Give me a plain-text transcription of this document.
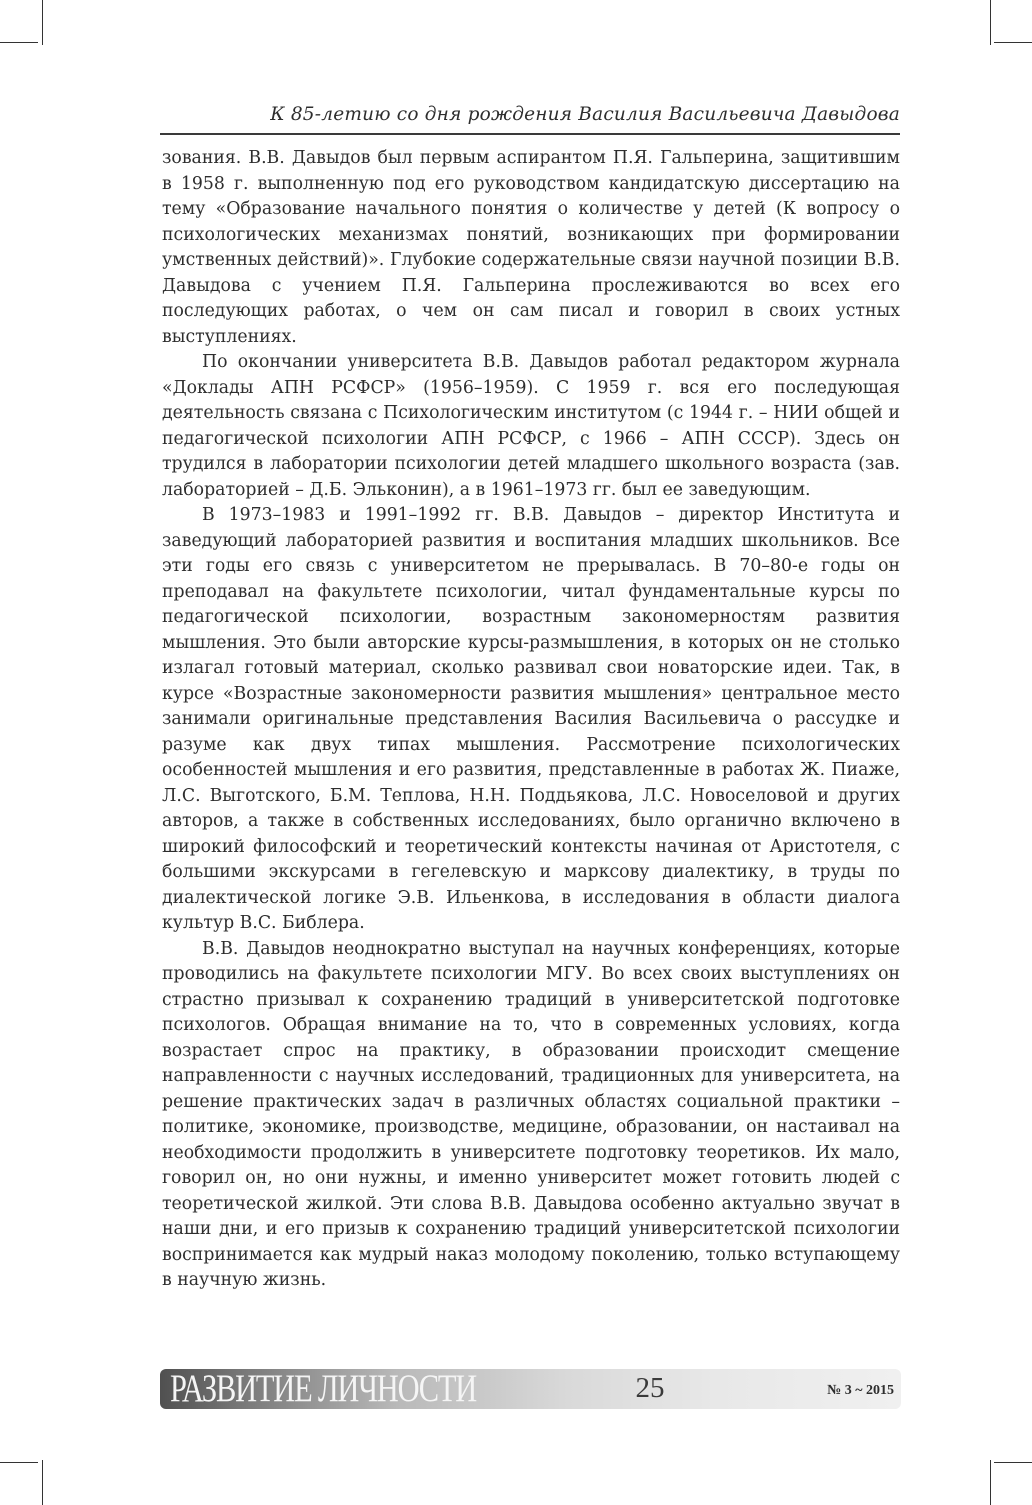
К 85-летию со дня рождения Василия Васильевича Давыдова

зования. В.В. Давыдов был первым аспирантом П.Я. Гальперина, защитившим в 1958 г. выполненную под его руководством кандидатскую диссертацию на тему «Образование начального понятия о количестве у детей (К вопросу о психологических механизмах понятий, возникающих при формировании умственных действий)». Глубокие содержательные связи научной позиции В.В. Давыдова с учением П.Я. Гальперина прослеживаются во всех его последующих работах, о чем он сам писал и говорил в своих устных выступлениях.

По окончании университета В.В. Давыдов работал редактором журнала «Доклады АПН РСФСР» (1956–1959). С 1959 г. вся его последующая деятельность связана с Психологическим институтом (с 1944 г. – НИИ общей и педагогической психологии АПН РСФСР, с 1966 – АПН СССР). Здесь он трудился в лаборатории психологии детей младшего школьного возраста (зав. лабораторией – Д.Б. Эльконин), а в 1961–1973 гг. был ее заведующим.

В 1973–1983 и 1991–1992 гг. В.В. Давыдов – директор Института и заведующий лабораторией развития и воспитания младших школьников. Все эти годы его связь с университетом не прерывалась. В 70–80-е годы он преподавал на факультете психологии, читал фундаментальные курсы по педагогической психологии, возрастным закономерностям развития мышления. Это были авторские курсы-размышления, в которых он не столько излагал готовый материал, сколько развивал свои новаторские идеи. Так, в курсе «Возрастные закономерности развития мышления» центральное место занимали оригинальные представления Василия Васильевича о рассудке и разуме как двух типах мышления. Рассмотрение психологических особенностей мышления и его развития, представленные в работах Ж. Пиаже, Л.С. Выготского, Б.М. Теплова, Н.Н. Поддьякова, Л.С. Новоселовой и других авторов, а также в собственных исследованиях, было органично включено в широкий философский и теоретический контексты начиная от Аристотеля, с большими экскурсами в гегелевскую и марксову диалектику, в труды по диалектической логике Э.В. Ильенкова, в исследования в области диалога культур В.С. Библера.

В.В. Давыдов неоднократно выступал на научных конференциях, которые проводились на факультете психологии МГУ. Во всех своих выступлениях он страстно призывал к сохранению традиций в университетской подготовке психологов. Обращая внимание на то, что в современных условиях, когда возрастает спрос на практику, в образовании происходит смещение направленности с научных исследований, традиционных для университета, на решение практических задач в различных областях социальной практики – политике, экономике, производстве, медицине, образовании, он настаивал на необходимости продолжить в университете подготовку теоретиков. Их мало, говорил он, но они нужны, и именно университет может готовить людей с теоретической жилкой. Эти слова В.В. Давыдова особенно актуально звучат в наши дни, и его призыв к сохранению традиций университетской психологии воспринимается как мудрый наказ молодому поколению, только вступающему в научную жизнь.

РАЗВИТИЕ ЛИЧНОСТИ	25	№ 3 ~ 2015
